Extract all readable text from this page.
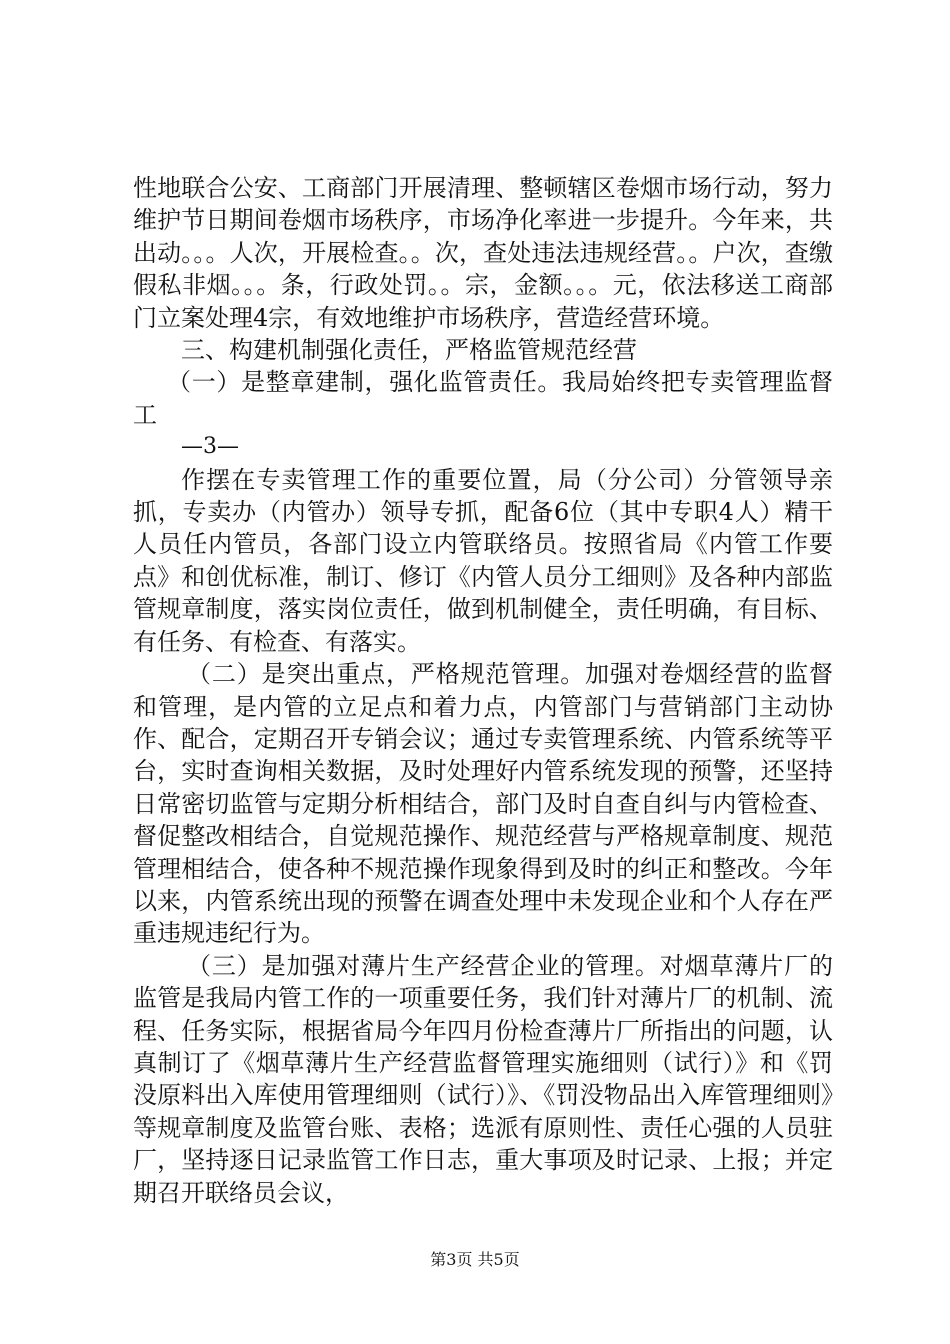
性地联合公安、工商部门开展清理、整顿辖区卷烟市场行动，努力维护节日期间卷烟市场秩序，市场净化率进一步提升。今年来，共出动。。。人次，开展检查。。次，查处违法违规经营。。户次，查缴假私非烟。。。条，行政处罚。。宗，金额。。。元，依法移送工商部门立案处理4宗，有效地维护市场秩序，营造经营环境。

三、构建机制强化责任，严格监管规范经营

（一）是整章建制，强化监管责任。我局始终把专卖管理监督工

—3—

作摆在专卖管理工作的重要位置，局（分公司）分管领导亲抓，专卖办（内管办）领导专抓，配备6位（其中专职4人）精干人员任内管员，各部门设立内管联络员。按照省局《内管工作要点》和创优标准，制订、修订《内管人员分工细则》及各种内部监管规章制度，落实岗位责任，做到机制健全，责任明确，有目标、有任务、有检查、有落实。

（二）是突出重点，严格规范管理。加强对卷烟经营的监督和管理，是内管的立足点和着力点，内管部门与营销部门主动协作、配合，定期召开专销会议；通过专卖管理系统、内管系统等平台，实时查询相关数据，及时处理好内管系统发现的预警，还坚持日常密切监管与定期分析相结合，部门及时自查自纠与内管检查、督促整改相结合，自觉规范操作、规范经营与严格规章制度、规范管理相结合，使各种不规范操作现象得到及时的纠正和整改。今年以来，内管系统出现的预警在调查处理中未发现企业和个人存在严重违规违纪行为。

（三）是加强对薄片生产经营企业的管理。对烟草薄片厂的监管是我局内管工作的一项重要任务，我们针对薄片厂的机制、流程、任务实际，根据省局今年四月份检查薄片厂所指出的问题，认真制订了《烟草薄片生产经营监督管理实施细则（试行）》和《罚没原料出入库使用管理细则（试行）》、《罚没物品出入库管理细则》等规章制度及监管台账、表格；选派有原则性、责任心强的人员驻厂，坚持逐日记录监管工作日志，重大事项及时记录、上报；并定期召开联络员会议，

第3页 共5页
